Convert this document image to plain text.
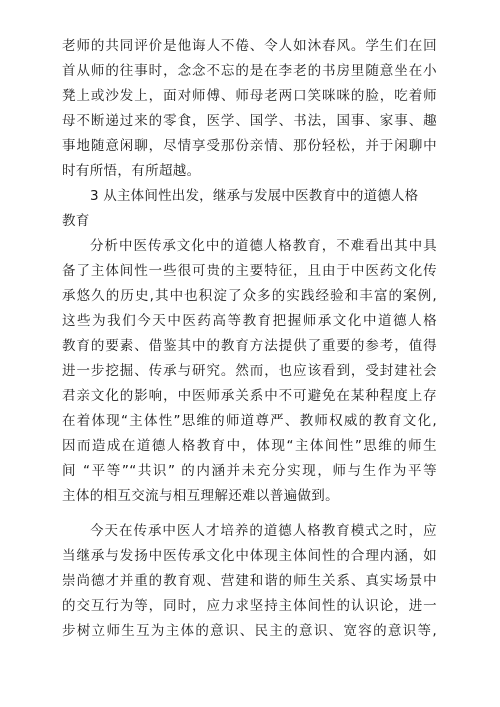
老师的共同评价是他诲人不倦、令人如沐春风。学生们在回
首从师的往事时，念念不忘的是在李老的书房里随意坐在小
凳上或沙发上，面对师傅、师母老两口笑咪咪的脸，吃着师
母不断递过来的零食，医学、国学、书法，国事、家事、趣
事地随意闲聊，尽情享受那份亲情、那份轻松，并于闲聊中
时有所悟，有所超越。
3 从主体间性出发，继承与发展中医教育中的道德人格
教育
分析中医传承文化中的道德人格教育，不难看出其中具
备了主体间性一些很可贵的主要特征，且由于中医药文化传
承悠久的历史,其中也积淀了众多的实践经验和丰富的案例,
这些为我们今天中医药高等教育把握师承文化中道德人格
教育的要素、借鉴其中的教育方法提供了重要的参考，值得
进一步挖掘、传承与研究。然而，也应该看到，受封建社会
君亲文化的影响，中医师承关系中不可避免在某种程度上存
在着体现“主体性”思维的师道尊严、教师权威的教育文化,
因而造成在道德人格教育中，体现“主体间性”思维的师生
间 “平等”“共识” 的内涵并未充分实现，师与生作为平等
主体的相互交流与相互理解还难以普遍做到。
今天在传承中医人才培养的道德人格教育模式之时，应
当继承与发扬中医传承文化中体现主体间性的合理内涵，如
崇尚德才并重的教育观、营建和谐的师生关系、真实场景中
的交互行为等，同时，应力求坚持主体间性的认识论，进一
步树立师生互为主体的意识、民主的意识、宽容的意识等,
